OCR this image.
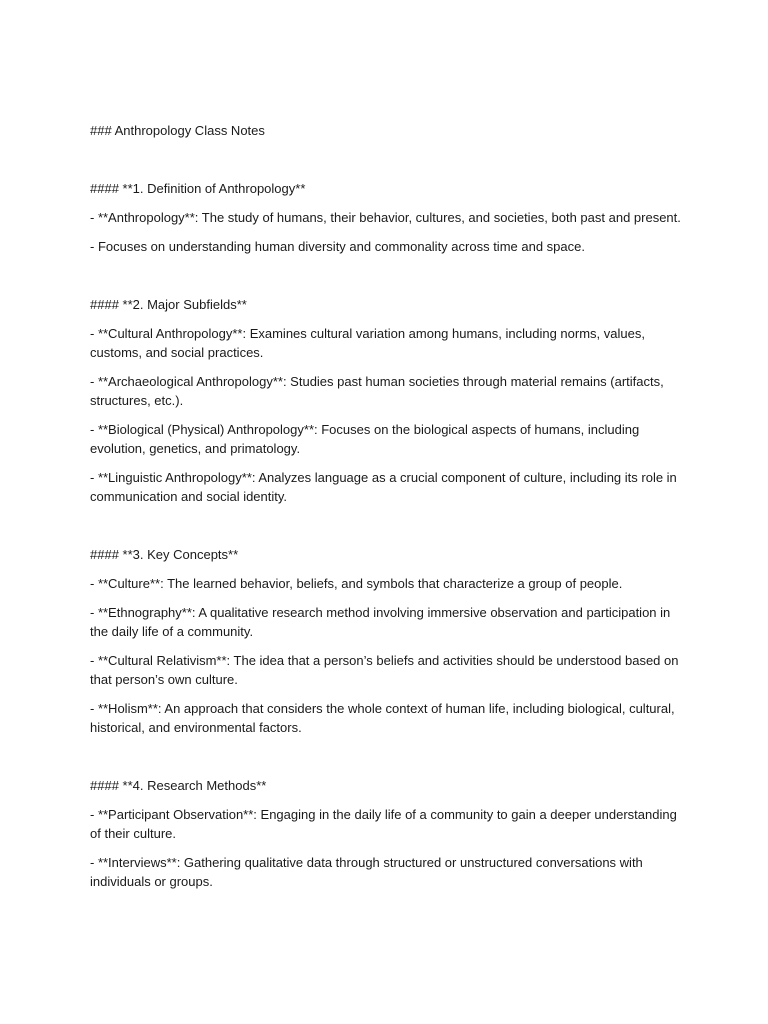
### Anthropology Class Notes

#### **1. Definition of Anthropology**

- **Anthropology**: The study of humans, their behavior, cultures, and societies, both past and present.

- Focuses on understanding human diversity and commonality across time and space.

#### **2. Major Subfields**

- **Cultural Anthropology**: Examines cultural variation among humans, including norms, values, customs, and social practices.

- **Archaeological Anthropology**: Studies past human societies through material remains (artifacts, structures, etc.).

- **Biological (Physical) Anthropology**: Focuses on the biological aspects of humans, including evolution, genetics, and primatology.

- **Linguistic Anthropology**: Analyzes language as a crucial component of culture, including its role in communication and social identity.

#### **3. Key Concepts**

- **Culture**: The learned behavior, beliefs, and symbols that characterize a group of people.

- **Ethnography**: A qualitative research method involving immersive observation and participation in the daily life of a community.

- **Cultural Relativism**: The idea that a person’s beliefs and activities should be understood based on that person’s own culture.

- **Holism**: An approach that considers the whole context of human life, including biological, cultural, historical, and environmental factors.

#### **4. Research Methods**

- **Participant Observation**: Engaging in the daily life of a community to gain a deeper understanding of their culture.

- **Interviews**: Gathering qualitative data through structured or unstructured conversations with individuals or groups.
